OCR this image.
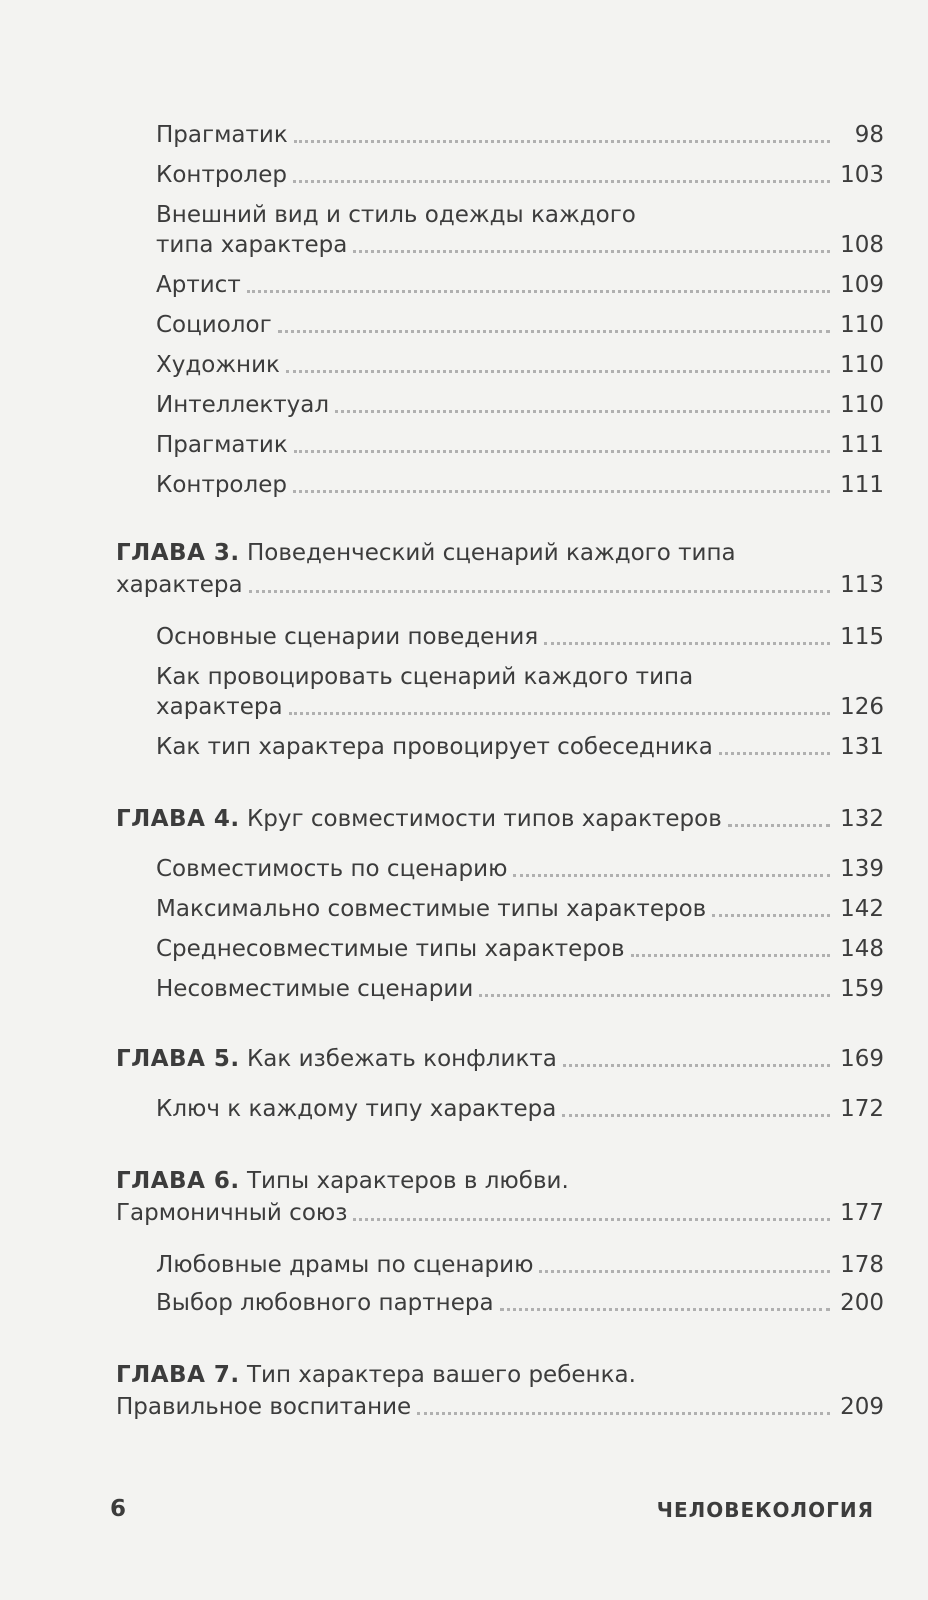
Прагматик	98
Контролер	103
Внешний вид и стиль одежды каждого
типа характера	108
Артист	109
Социолог	110
Художник	110
Интеллектуал	110
Прагматик	111
Контролер	111
ГЛАВА 3. Поведенческий сценарий каждого типа
характера	113
Основные сценарии поведения	115
Как провоцировать сценарий каждого типа
характера	126
Как тип характера провоцирует собеседника	131
ГЛАВА 4. Круг совместимости типов характеров	132
Совместимость по сценарию	139
Максимально совместимые типы характеров	142
Среднесовместимые типы характеров	148
Несовместимые сценарии	159
ГЛАВА 5. Как избежать конфликта	169
Ключ к каждому типу характера	172
ГЛАВА 6. Типы характеров в любви.
Гармоничный союз	177
Любовные драмы по сценарию	178
Выбор любовного партнера	200
ГЛАВА 7. Тип характера вашего ребенка.
Правильное воспитание	209
6	ЧЕЛОВЕКОЛОГИЯ
